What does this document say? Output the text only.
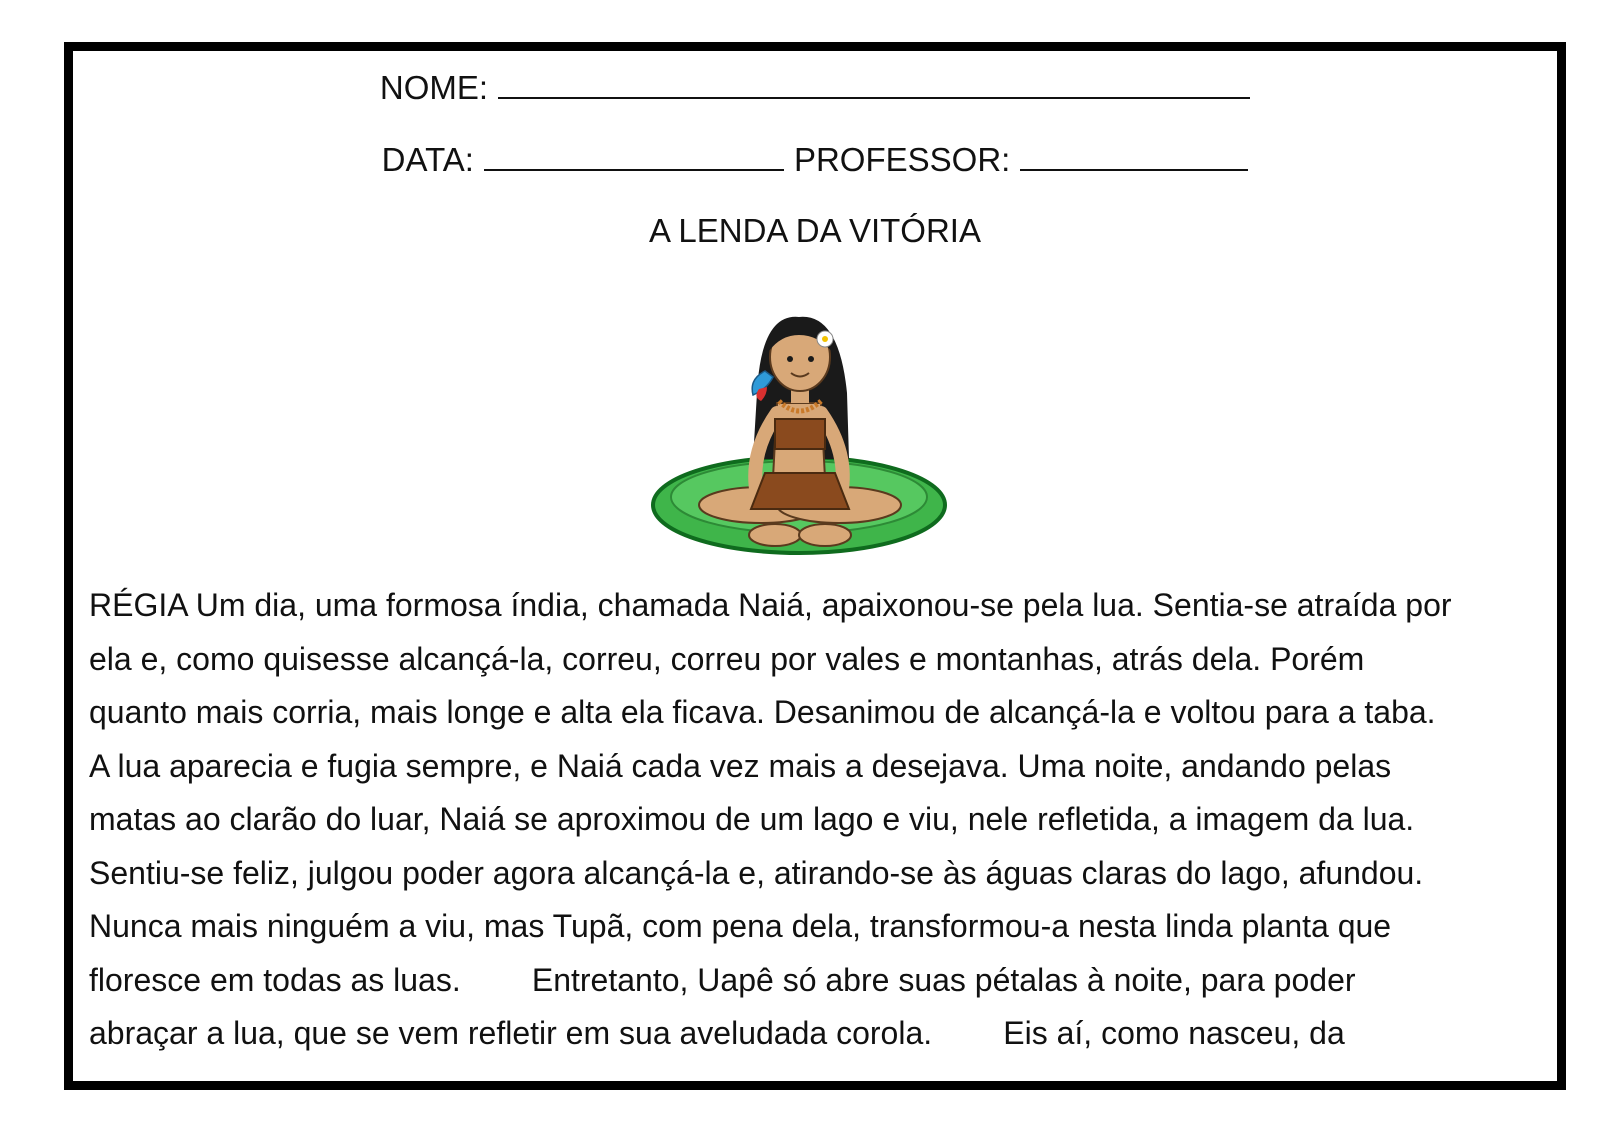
NOME:
DATA:	PROFESSOR:
A LENDA DA VITÓRIA
RÉGIA Um dia, uma formosa índia, chamada Naiá, apaixonou-se pela lua. Sentia-se atraída por
ela e, como quisesse alcançá-la, correu, correu por vales e montanhas, atrás dela. Porém
quanto mais corria, mais longe e alta ela ficava. Desanimou de alcançá-la e voltou para a taba.
A lua aparecia e fugia sempre, e Naiá cada vez mais a desejava. Uma noite, andando pelas
matas ao clarão do luar, Naiá se aproximou de um lago e viu, nele refletida, a imagem da lua.
Sentiu-se feliz, julgou poder agora alcançá-la e, atirando-se às águas claras do lago, afundou.
Nunca mais ninguém a viu, mas Tupã, com pena dela, transformou-a nesta linda planta que
floresce em todas as luas.        Entretanto, Uapê só abre suas pétalas à noite, para poder
abraçar a lua, que se vem refletir em sua aveludada corola.        Eis aí, como nasceu, da
